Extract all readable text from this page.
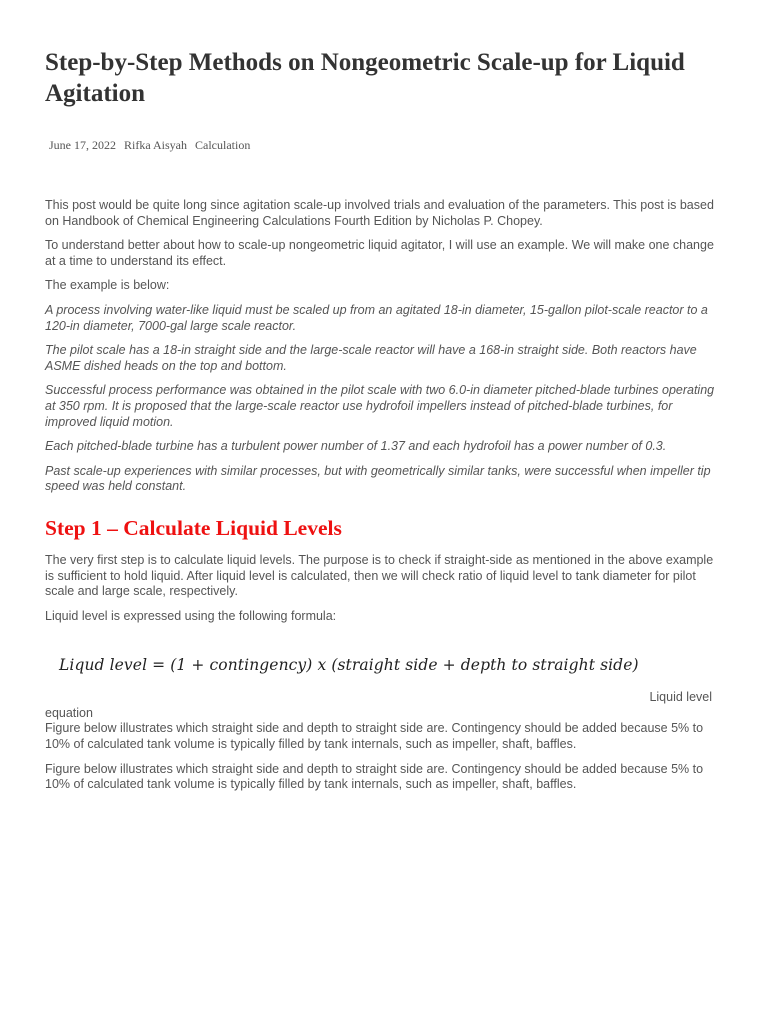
Step-by-Step Methods on Nongeometric Scale-up for Liquid Agitation
June 17, 2022 Rifka Aisyah Calculation

This post would be quite long since agitation scale-up involved trials and evaluation of the parameters. This post is based on Handbook of Chemical Engineering Calculations Fourth Edition by Nicholas P. Chopey.

To understand better about how to scale-up nongeometric liquid agitator, I will use an example. We will make one change at a time to understand its effect.

The example is below:

A process involving water-like liquid must be scaled up from an agitated 18-in diameter, 15-gallon pilot-scale reactor to a 120-in diameter, 7000-gal large scale reactor.

The pilot scale has a 18-in straight side and the large-scale reactor will have a 168-in straight side. Both reactors have ASME dished heads on the top and bottom.

Successful process performance was obtained in the pilot scale with two 6.0-in diameter pitched-blade turbines operating at 350 rpm. It is proposed that the large-scale reactor use hydrofoil impellers instead of pitched-blade turbines, for improved liquid motion.

Each pitched-blade turbine has a turbulent power number of 1.37 and each hydrofoil has a power number of 0.3.

Past scale-up experiences with similar processes, but with geometrically similar tanks, were successful when impeller tip speed was held constant.

Step 1 – Calculate Liquid Levels

The very first step is to calculate liquid levels. The purpose is to check if straight-side as mentioned in the above example is sufficient to hold liquid. After liquid level is calculated, then we will check ratio of liquid level to tank diameter for pilot scale and large scale, respectively.

Liquid level is expressed using the following formula:

Liqud level = (1 + contingency) x (straight side + depth to straight side)
Liquid level
equation

Figure below illustrates which straight side and depth to straight side are. Contingency should be added because 5% to 10% of calculated tank volume is typically filled by tank internals, such as impeller, shaft, baffles.

Figure below illustrates which straight side and depth to straight side are. Contingency should be added because 5% to 10% of calculated tank volume is typically filled by tank internals, such as impeller, shaft, baffles.
